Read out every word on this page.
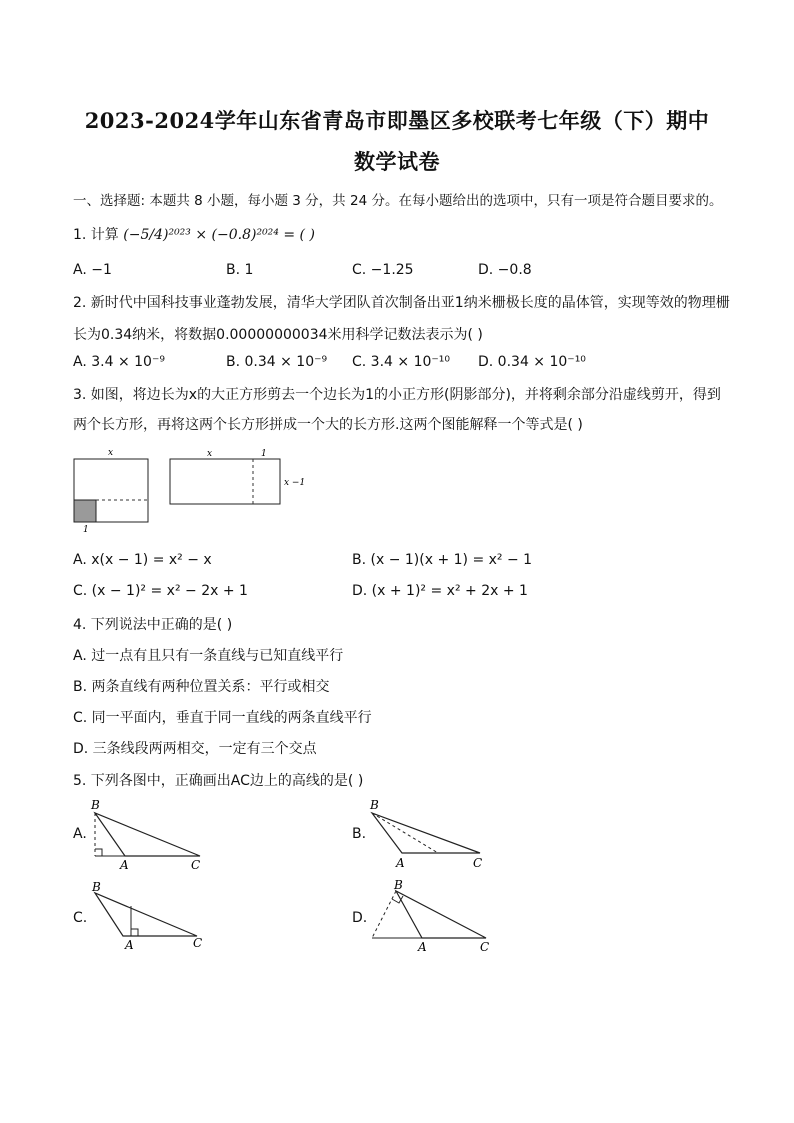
2023-2024学年山东省青岛市即墨区多校联考七年级（下）期中
数学试卷
一、选择题: 本题共 8 小题，每小题 3 分，共 24 分。在每小题给出的选项中，只有一项是符合题目要求的。
1. 计算 (−5/4)²⁰²³ × (−0.8)²⁰²⁴ = ( )
A. −1	B. 1	C. −1.25	D. −0.8
2. 新时代中国科技事业蓬勃发展，清华大学团队首次制备出亚1纳米栅极长度的晶体管，实现等效的物理栅
长为0.34纳米，将数据0.00000000034米用科学记数法表示为( )
A. 3.4 × 10⁻⁹	B. 0.34 × 10⁻⁹ C. 3.4 × 10⁻¹⁰ D. 0.34 × 10⁻¹⁰
3. 如图，将边长为x的大正方形剪去一个边长为1的小正方形(阴影部分)，并将剩余部分沿虚线剪开，得到
两个长方形，再将这两个长方形拼成一个大的长方形.这两个图能解释一个等式是( )
x
1
x	1
x −1
A. x(x − 1) = x² − x	B. (x − 1)(x + 1) = x² − 1
C. (x − 1)² = x² − 2x + 1	D. (x + 1)² = x² + 2x + 1
4. 下列说法中正确的是( )
A. 过一点有且只有一条直线与已知直线平行
B. 两条直线有两种位置关系：平行或相交
C. 同一平面内，垂直于同一直线的两条直线平行
D. 三条线段两两相交，一定有三个交点
5. 下列各图中，正确画出AC边上的高线的是( )
A.
B
A	C
B.
B
A	C
C.
B
A	C
D.
B
A	C
